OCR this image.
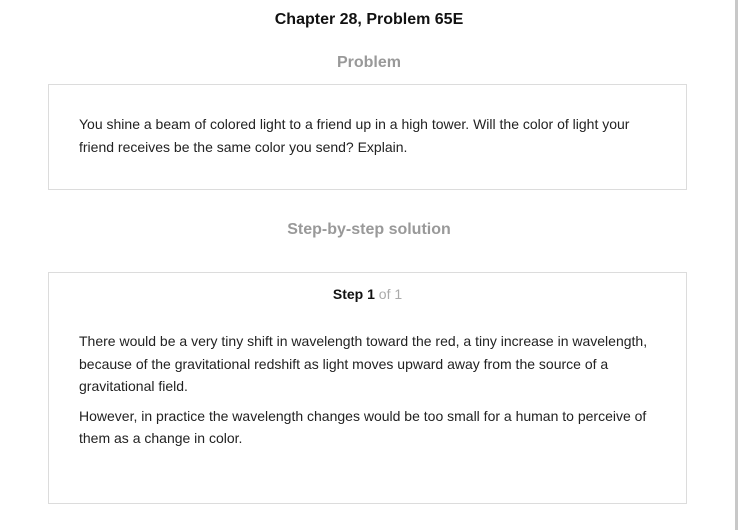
Chapter 28, Problem 65E
Problem

You shine a beam of colored light to a friend up in a high tower. Will the color of light your friend receives be the same color you send? Explain.

Step-by-step solution
Step 1 of 1

There would be a very tiny shift in wavelength toward the red, a tiny increase in wavelength, because of the gravitational redshift as light moves upward away from the source of a gravitational field.

However, in practice the wavelength changes would be too small for a human to perceive of them as a change in color.
